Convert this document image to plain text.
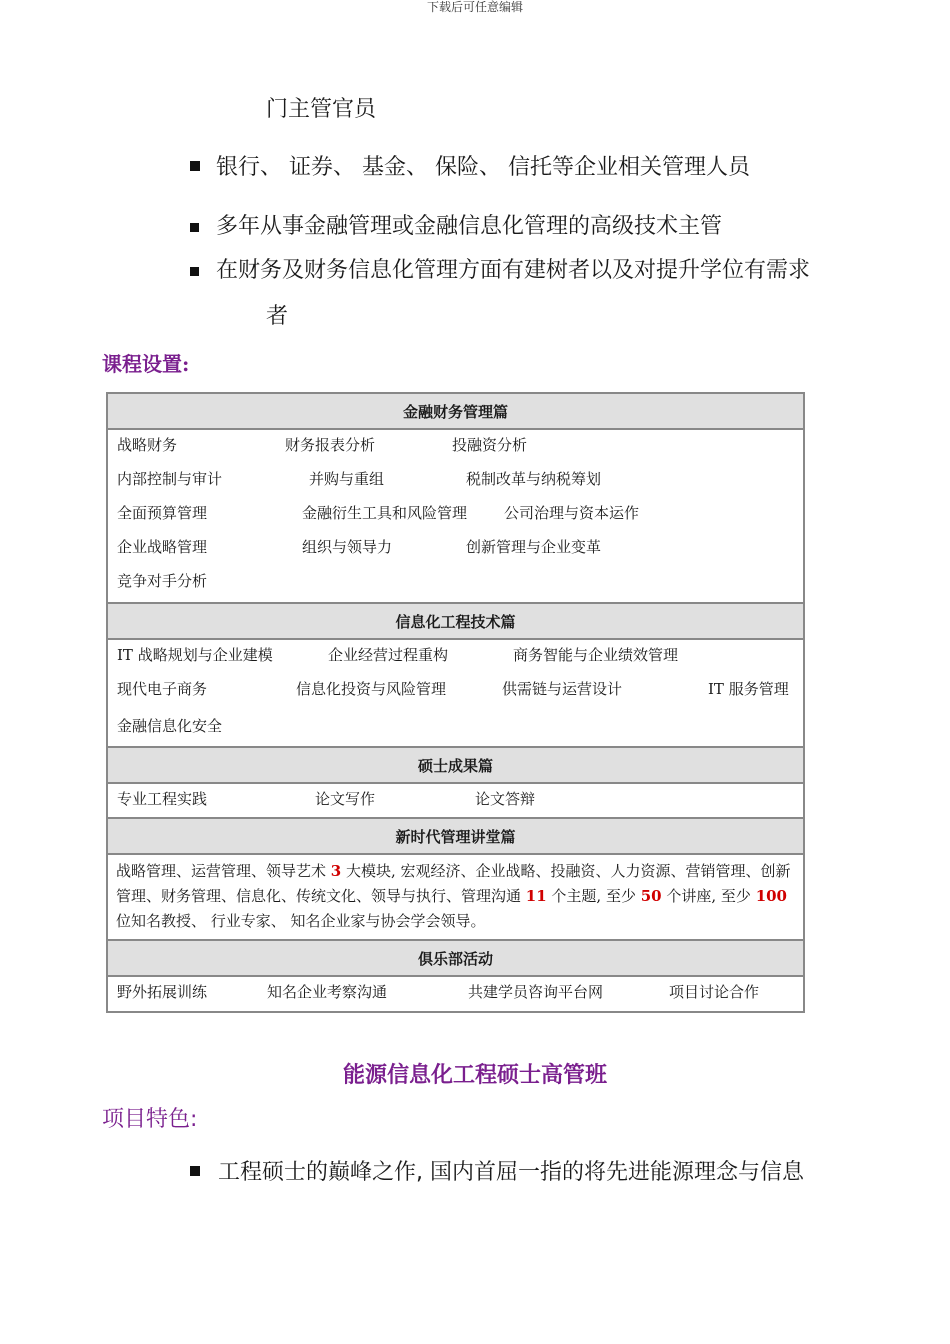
下载后可任意编辑
门主管官员
银行、 证券、 基金、 保险、 信托等企业相关管理人员
多年从事金融管理或金融信息化管理的高级技术主管
在财务及财务信息化管理方面有建树者以及对提升学位有需求
者
课程设置:
金融财务管理篇

战略财务	财务报表分析	投融资分析
内部控制与审计	并购与重组	税制改革与纳税筹划
全面预算管理	金融衍生工具和风险管理 公司治理与资本运作
企业战略管理	组织与领导力	创新管理与企业变革
竞争对手分析

信息化工程技术篇

IT 战略规划与企业建模	企业经营过程重构	商务智能与企业绩效管理
现代电子商务	信息化投资与风险管理	供需链与运营设计	IT 服务管理
金融信息化安全

硕士成果篇

专业工程实践	论文写作	论文答辩

新时代管理讲堂篇

战略管理、运营管理、领导艺术 3 大模块, 宏观经济、企业战略、投融资、人力资源、营销管理、创新管理、财务管理、信息化、传统文化、领导与执行、管理沟通 11 个主题, 至少 50 个讲座, 至少 100 位知名教授、 行业专家、 知名企业家与协会学会领导。

俱乐部活动

野外拓展训练	知名企业考察沟通	共建学员咨询平台网	项目讨论合作
能源信息化工程硕士高管班
项目特色:
工程硕士的巅峰之作, 国内首屈一指的将先进能源理念与信息
